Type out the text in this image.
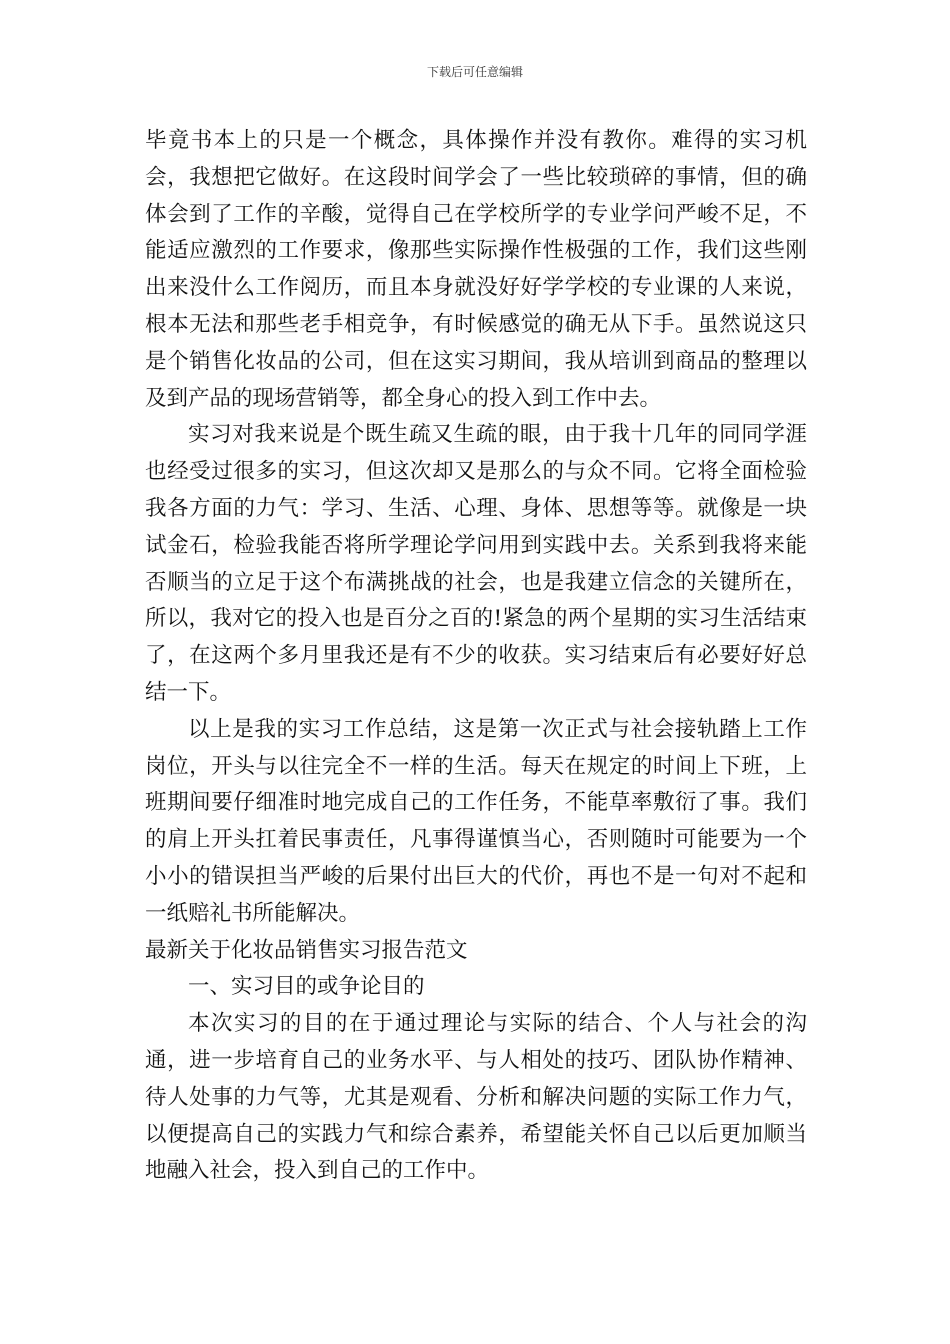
下载后可任意编辑

毕竟书本上的只是一个概念，具体操作并没有教你。难得的实习机会，我想把它做好。在这段时间学会了一些比较琐碎的事情，但的确体会到了工作的辛酸，觉得自己在学校所学的专业学问严峻不足，不能适应激烈的工作要求，像那些实际操作性极强的工作，我们这些刚出来没什么工作阅历，而且本身就没好好学学校的专业课的人来说，根本无法和那些老手相竞争，有时候感觉的确无从下手。虽然说这只是个销售化妆品的公司，但在这实习期间，我从培训到商品的整理以及到产品的现场营销等，都全身心的投入到工作中去。

实习对我来说是个既生疏又生疏的眼，由于我十几年的同同学涯也经受过很多的实习，但这次却又是那么的与众不同。它将全面检验我各方面的力气：学习、生活、心理、身体、思想等等。就像是一块试金石，检验我能否将所学理论学问用到实践中去。关系到我将来能否顺当的立足于这个布满挑战的社会，也是我建立信念的关键所在，所以，我对它的投入也是百分之百的!紧急的两个星期的实习生活结束了，在这两个多月里我还是有不少的收获。实习结束后有必要好好总结一下。

以上是我的实习工作总结，这是第一次正式与社会接轨踏上工作岗位，开头与以往完全不一样的生活。每天在规定的时间上下班，上班期间要仔细准时地完成自己的工作任务，不能草率敷衍了事。我们的肩上开头扛着民事责任，凡事得谨慎当心，否则随时可能要为一个小小的错误担当严峻的后果付出巨大的代价，再也不是一句对不起和一纸赔礼书所能解决。

最新关于化妆品销售实习报告范文

一、实习目的或争论目的

本次实习的目的在于通过理论与实际的结合、个人与社会的沟通，进一步培育自己的业务水平、与人相处的技巧、团队协作精神、待人处事的力气等，尤其是观看、分析和解决问题的实际工作力气，以便提高自己的实践力气和综合素养，希望能关怀自己以后更加顺当地融入社会，投入到自己的工作中。
